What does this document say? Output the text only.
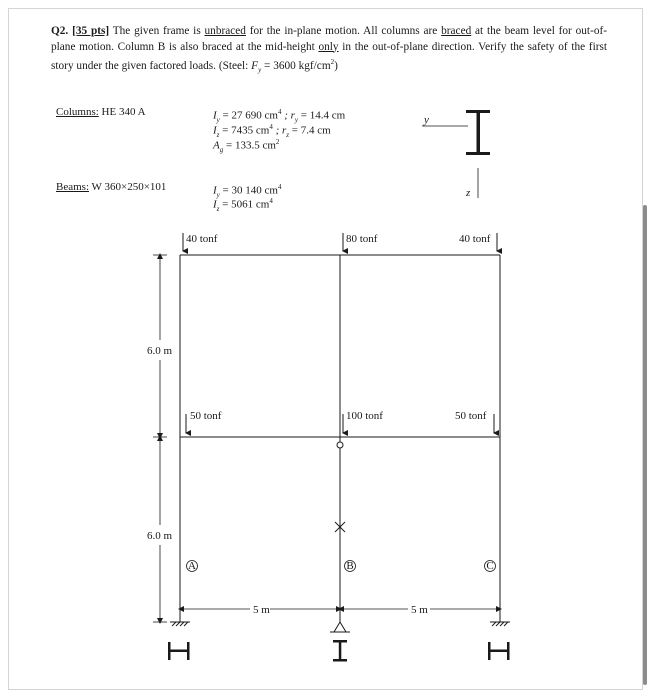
Q2. [35 pts] The given frame is unbraced for the in-plane motion. All columns are braced at the beam level for out-of-plane motion. Column B is also braced at the mid-height only in the out-of-plane direction. Verify the safety of the first story under the given factored loads. (Steel: $F_y = 3600$ kgf/$cm^2$)
Columns: HE 340 A	$I_y = 27$ 690 $cm^4$ ; $r_y = 14.4$ cm
$I_z = 7435$ $cm^4$ ; $r_z = 7.4$ cm
$A_g = 133.5$ $cm^2$
Beams: W 360×250×101	$I_y = 30$ 140 $cm^4$
$I_z = 5061$ $cm^4$
y
z
A	B	C
40 tonf	80 tonf	40 tonf
50 tonf	100 tonf	50 tonf
6.0 m
6.0 m
5 m	5 m
